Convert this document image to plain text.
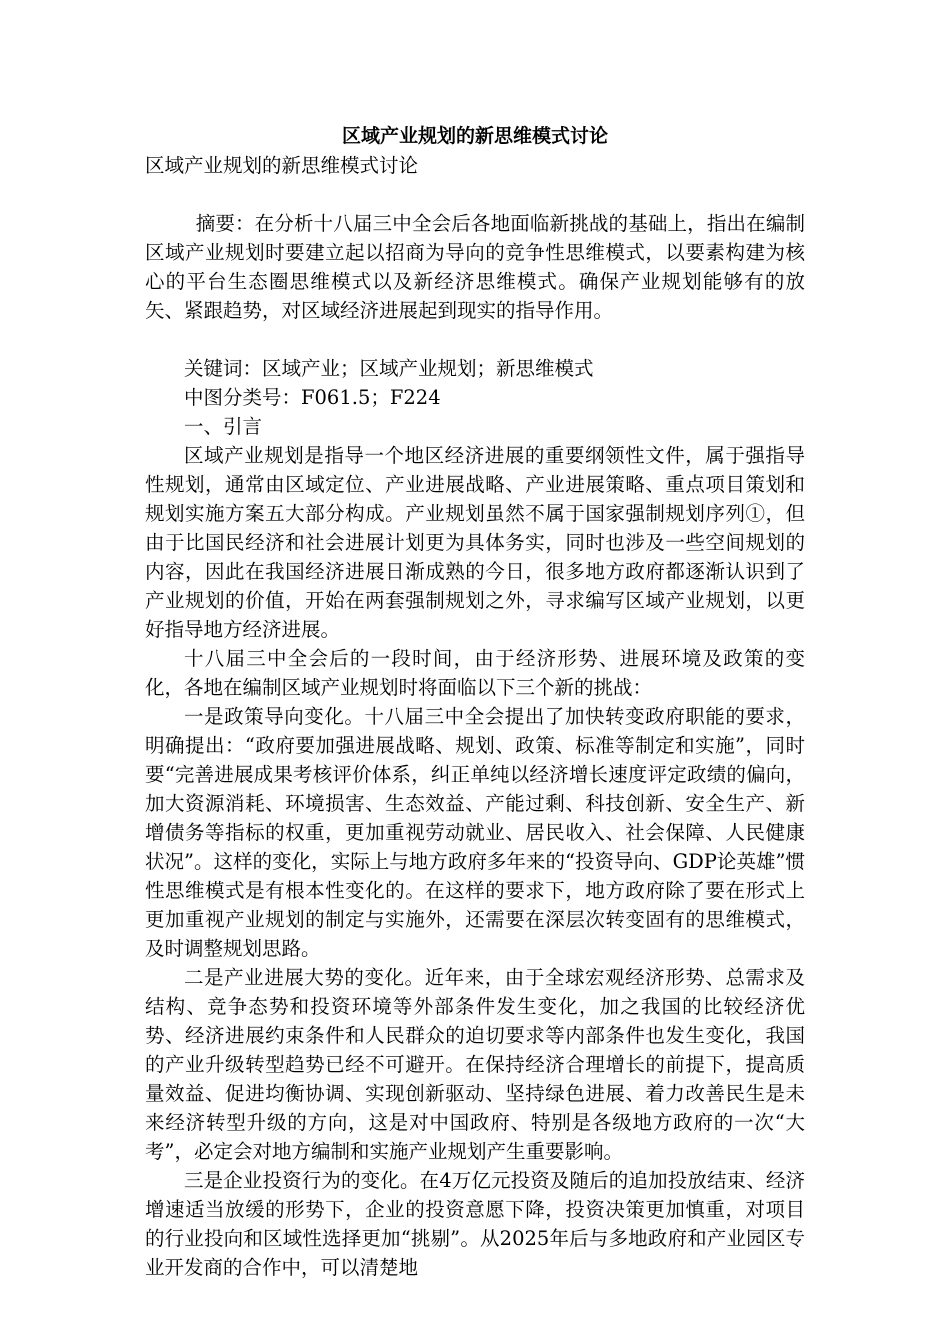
区域产业规划的新思维模式讨论

区域产业规划的新思维模式讨论

摘要：在分析十八届三中全会后各地面临新挑战的基础上，指出在编制区域产业规划时要建立起以招商为导向的竞争性思维模式，以要素构建为核心的平台生态圈思维模式以及新经济思维模式。确保产业规划能够有的放矢、紧跟趋势，对区域经济进展起到现实的指导作用。

关键词：区域产业；区域产业规划；新思维模式

中图分类号：F061.5；F224

一、引言

区域产业规划是指导一个地区经济进展的重要纲领性文件，属于强指导性规划，通常由区域定位、产业进展战略、产业进展策略、重点项目策划和规划实施方案五大部分构成。产业规划虽然不属于国家强制规划序列①，但由于比国民经济和社会进展计划更为具体务实，同时也涉及一些空间规划的内容，因此在我国经济进展日渐成熟的今日，很多地方政府都逐渐认识到了产业规划的价值，开始在两套强制规划之外，寻求编写区域产业规划，以更好指导地方经济进展。

十八届三中全会后的一段时间，由于经济形势、进展环境及政策的变化，各地在编制区域产业规划时将面临以下三个新的挑战：

一是政策导向变化。十八届三中全会提出了加快转变政府职能的要求，明确提出：“政府要加强进展战略、规划、政策、标准等制定和实施”，同时要“完善进展成果考核评价体系，纠正单纯以经济增长速度评定政绩的偏向，加大资源消耗、环境损害、生态效益、产能过剩、科技创新、安全生产、新增债务等指标的权重，更加重视劳动就业、居民收入、社会保障、人民健康状况”。这样的变化，实际上与地方政府多年来的“投资导向、GDP论英雄”惯性思维模式是有根本性变化的。在这样的要求下，地方政府除了要在形式上更加重视产业规划的制定与实施外，还需要在深层次转变固有的思维模式，及时调整规划思路。

二是产业进展大势的变化。近年来，由于全球宏观经济形势、总需求及结构、竞争态势和投资环境等外部条件发生变化，加之我国的比较经济优势、经济进展约束条件和人民群众的迫切要求等内部条件也发生变化，我国的产业升级转型趋势已经不可避开。在保持经济合理增长的前提下，提高质量效益、促进均衡协调、实现创新驱动、坚持绿色进展、着力改善民生是未来经济转型升级的方向，这是对中国政府、特别是各级地方政府的一次“大考”，必定会对地方编制和实施产业规划产生重要影响。

三是企业投资行为的变化。在4万亿元投资及随后的追加投放结束、经济增速适当放缓的形势下，企业的投资意愿下降，投资决策更加慎重，对项目的行业投向和区域性选择更加“挑剔”。从2025年后与多地政府和产业园区专业开发商的合作中，可以清楚地
